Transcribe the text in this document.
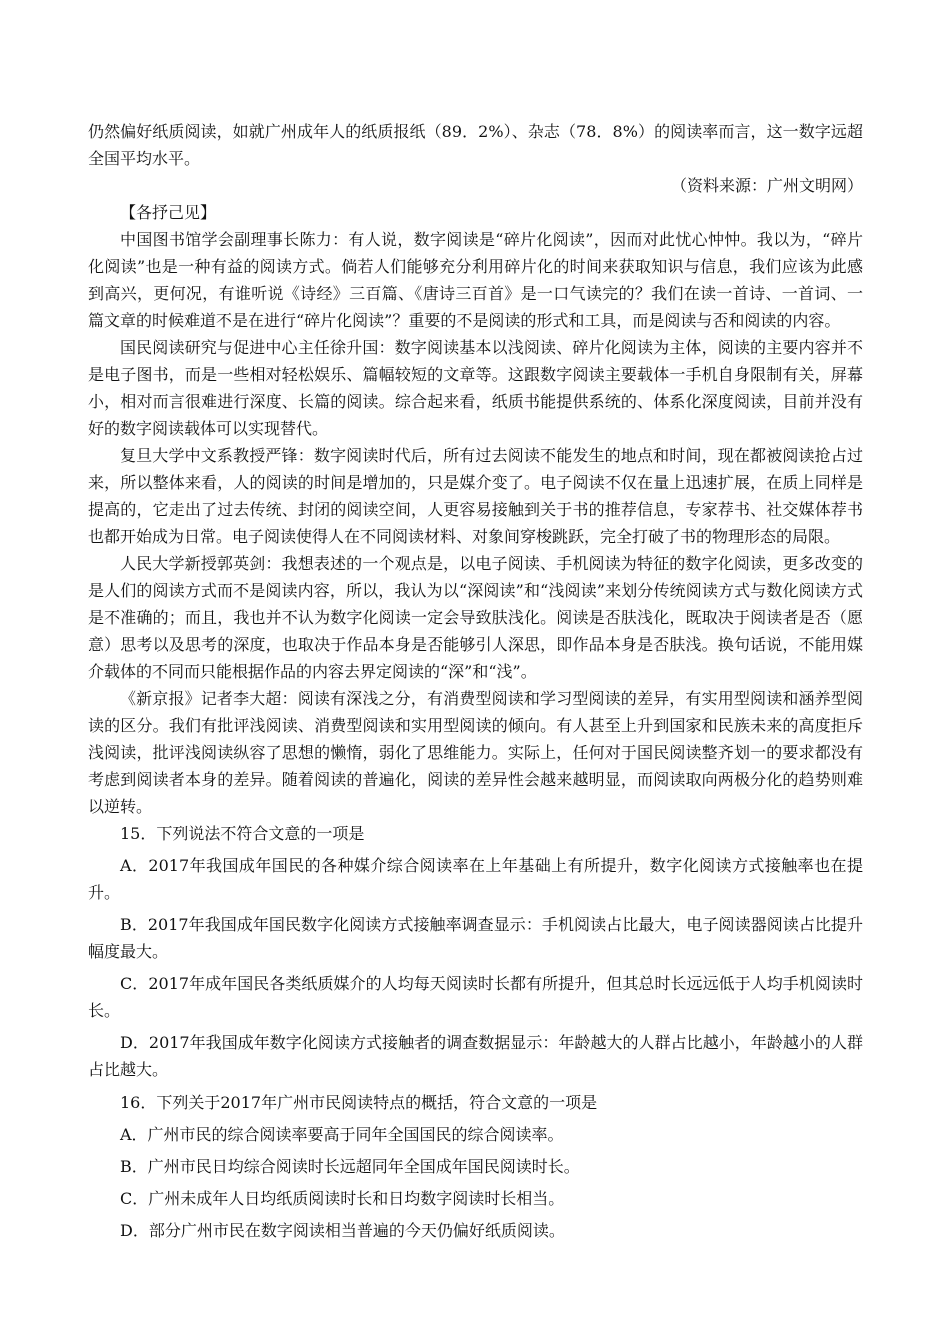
仍然偏好纸质阅读，如就广州成年人的纸质报纸（89．2%）、杂志（78．8%）的阅读率而言，这一数字远超全国平均水平。

（资料来源：广州文明网）

【各抒己见】

中国图书馆学会副理事长陈力：有人说，数字阅读是“碎片化阅读”，因而对此忧心忡忡。我以为，“碎片化阅读”也是一种有益的阅读方式。倘若人们能够充分利用碎片化的时间来获取知识与信息，我们应该为此感到高兴，更何况，有谁听说《诗经》三百篇、《唐诗三百首》是一口气读完的？我们在读一首诗、一首词、一篇文章的时候难道不是在进行“碎片化阅读”？重要的不是阅读的形式和工具，而是阅读与否和阅读的内容。

国民阅读研究与促进中心主任徐升国：数字阅读基本以浅阅读、碎片化阅读为主体，阅读的主要内容并不是电子图书，而是一些相对轻松娱乐、篇幅较短的文章等。这跟数字阅读主要载体一手机自身限制有关，屏幕小，相对而言很难进行深度、长篇的阅读。综合起来看，纸质书能提供系统的、体系化深度阅读，目前并没有好的数字阅读载体可以实现替代。

复旦大学中文系教授严锋：数字阅读时代后，所有过去阅读不能发生的地点和时间，现在都被阅读抢占过来，所以整体来看，人的阅读的时间是增加的，只是媒介变了。电子阅读不仅在量上迅速扩展，在质上同样是提高的，它走出了过去传统、封闭的阅读空间，人更容易接触到关于书的推荐信息，专家荐书、社交媒体荐书也都开始成为日常。电子阅读使得人在不同阅读材料、对象间穿梭跳跃，完全打破了书的物理形态的局限。

人民大学新授郭英剑：我想表述的一个观点是，以电子阅读、手机阅读为特征的数字化阅读，更多改变的是人们的阅读方式而不是阅读内容，所以，我认为以“深阅读”和“浅阅读”来划分传统阅读方式与数化阅读方式是不准确的；而且，我也并不认为数字化阅读一定会导致肤浅化。阅读是否肤浅化，既取决于阅读者是否（愿意）思考以及思考的深度，也取决于作品本身是否能够引人深思，即作品本身是否肤浅。换句话说，不能用媒介载体的不同而只能根据作品的内容去界定阅读的“深”和“浅”。

《新京报》记者李大超：阅读有深浅之分，有消费型阅读和学习型阅读的差异，有实用型阅读和涵养型阅读的区分。我们有批评浅阅读、消费型阅读和实用型阅读的倾向。有人甚至上升到国家和民族未来的高度拒斥浅阅读，批评浅阅读纵容了思想的懒惰，弱化了思维能力。实际上，任何对于国民阅读整齐划一的要求都没有考虑到阅读者本身的差异。随着阅读的普遍化，阅读的差异性会越来越明显，而阅读取向两极分化的趋势则难以逆转。

15．下列说法不符合文意的一项是

A．2017年我国成年国民的各种媒介综合阅读率在上年基础上有所提升，数字化阅读方式接触率也在提升。

B．2017年我国成年国民数字化阅读方式接触率调查显示：手机阅读占比最大，电子阅读器阅读占比提升幅度最大。

C．2017年成年国民各类纸质媒介的人均每天阅读时长都有所提升，但其总时长远远低于人均手机阅读时长。

D．2017年我国成年数字化阅读方式接触者的调查数据显示：年龄越大的人群占比越小，年龄越小的人群占比越大。

16．下列关于2017年广州市民阅读特点的概括，符合文意的一项是

A．广州市民的综合阅读率要高于同年全国国民的综合阅读率。

B．广州市民日均综合阅读时长远超同年全国成年国民阅读时长。

C．广州未成年人日均纸质阅读时长和日均数字阅读时长相当。

D．部分广州市民在数字阅读相当普遍的今天仍偏好纸质阅读。
